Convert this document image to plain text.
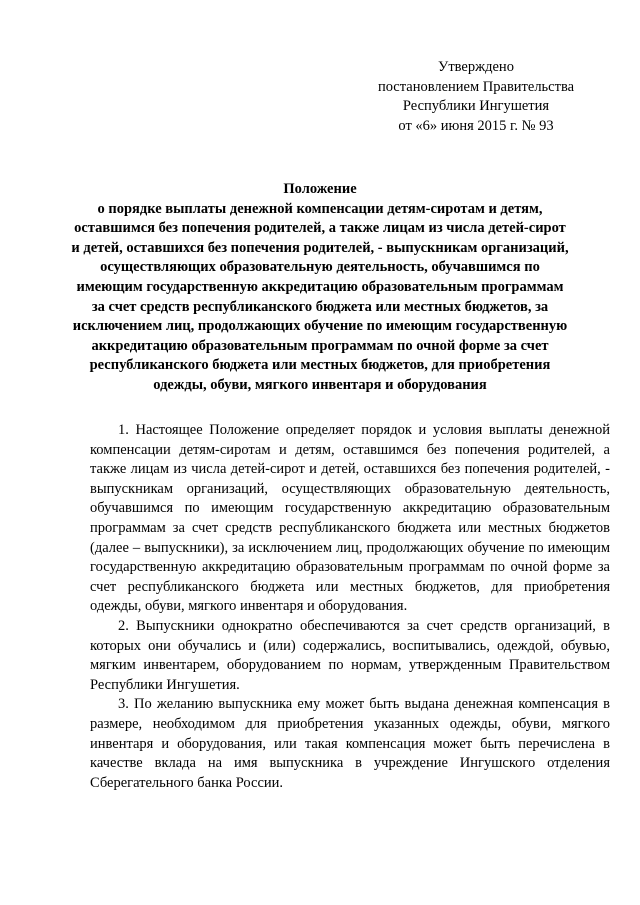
Утверждено
постановлением Правительства
Республики Ингушетия
от «6» июня 2015 г. № 93
Положение
о порядке выплаты денежной компенсации детям-сиротам и детям, оставшимся без попечения родителей, а также лицам из числа детей-сирот и детей, оставшихся без попечения родителей, - выпускникам организаций, осуществляющих образовательную деятельность, обучавшимся по имеющим государственную аккредитацию образовательным программам за счет средств республиканского бюджета или местных бюджетов, за исключением лиц, продолжающих обучение по имеющим государственную аккредитацию образовательным программам по очной форме за счет республиканского бюджета или местных бюджетов, для приобретения одежды, обуви, мягкого инвентаря и оборудования

1. Настоящее Положение определяет порядок и условия выплаты денежной компенсации детям-сиротам и детям, оставшимся без попечения родителей, а также лицам из числа детей-сирот и детей, оставшихся без попечения родителей, - выпускникам организаций, осуществляющих образовательную деятельность, обучавшимся по имеющим государственную аккредитацию образовательным программам за счет средств республиканского бюджета или местных бюджетов (далее – выпускники), за исключением лиц, продолжающих обучение по имеющим государственную аккредитацию образовательным программам по очной форме за счет республиканского бюджета или местных бюджетов, для приобретения одежды, обуви, мягкого инвентаря и оборудования.

2. Выпускники однократно обеспечиваются за счет средств организаций, в которых они обучались и (или) содержались, воспитывались, одеждой, обувью, мягким инвентарем, оборудованием по нормам, утвержденным Правительством Республики Ингушетия.

3. По желанию выпускника ему может быть выдана денежная компенсация в размере, необходимом для приобретения указанных одежды, обуви, мягкого инвентаря и оборудования, или такая компенсация может быть перечислена в качестве вклада на имя выпускника в учреждение Ингушского отделения Сберегательного банка России.
